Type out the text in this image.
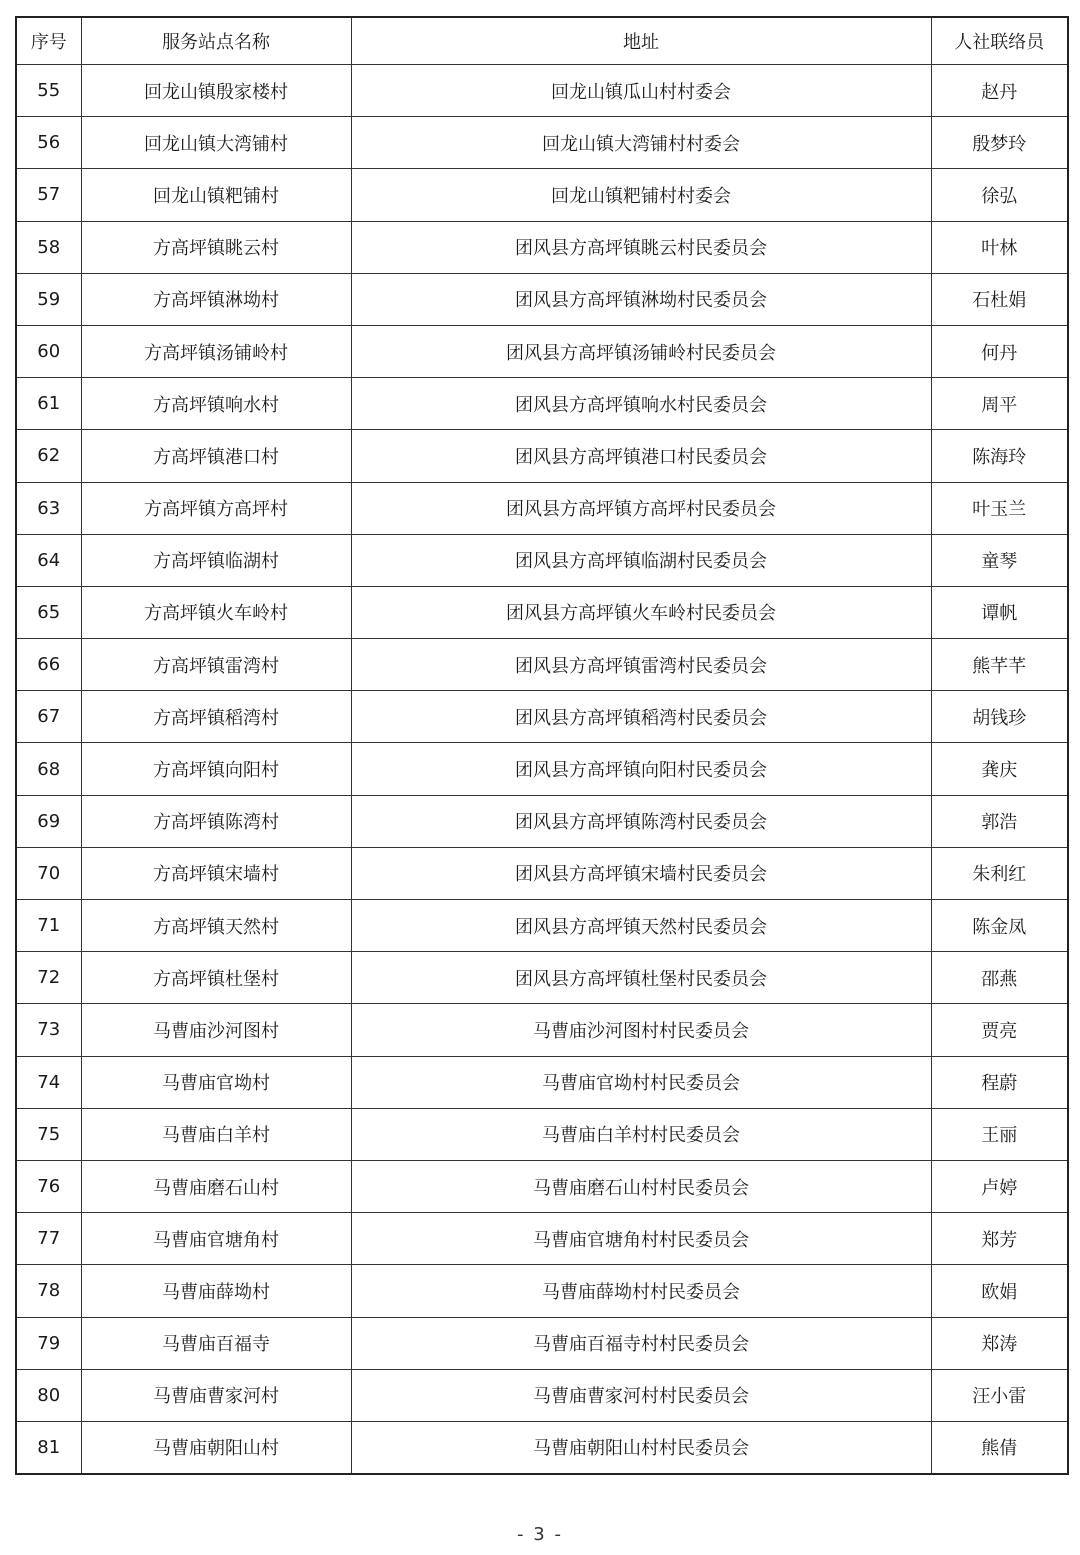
序号	服务站点名称	地址	人社联络员
55	回龙山镇殷家楼村	回龙山镇瓜山村村委会	赵丹
56	回龙山镇大湾铺村	回龙山镇大湾铺村村委会	殷梦玲
57	回龙山镇粑铺村	回龙山镇粑铺村村委会	徐弘
58	方高坪镇眺云村	团风县方高坪镇眺云村民委员会	叶林
59	方高坪镇淋坳村	团风县方高坪镇淋坳村民委员会	石杜娟
60	方高坪镇汤铺岭村	团风县方高坪镇汤铺岭村民委员会	何丹
61	方高坪镇响水村	团风县方高坪镇响水村民委员会	周平
62	方高坪镇港口村	团风县方高坪镇港口村民委员会	陈海玲
63	方高坪镇方高坪村	团风县方高坪镇方高坪村民委员会	叶玉兰
64	方高坪镇临湖村	团风县方高坪镇临湖村民委员会	童琴
65	方高坪镇火车岭村	团风县方高坪镇火车岭村民委员会	谭帆
66	方高坪镇雷湾村	团风县方高坪镇雷湾村民委员会	熊芊芊
67	方高坪镇稻湾村	团风县方高坪镇稻湾村民委员会	胡钱珍
68	方高坪镇向阳村	团风县方高坪镇向阳村民委员会	龚庆
69	方高坪镇陈湾村	团风县方高坪镇陈湾村民委员会	郭浩
70	方高坪镇宋墙村	团风县方高坪镇宋墙村民委员会	朱利红
71	方高坪镇天然村	团风县方高坪镇天然村民委员会	陈金凤
72	方高坪镇杜堡村	团风县方高坪镇杜堡村民委员会	邵燕
73	马曹庙沙河图村	马曹庙沙河图村村民委员会	贾亮
74	马曹庙官坳村	马曹庙官坳村村民委员会	程蔚
75	马曹庙白羊村	马曹庙白羊村村民委员会	王丽
76	马曹庙磨石山村	马曹庙磨石山村村民委员会	卢婷
77	马曹庙官塘角村	马曹庙官塘角村村民委员会	郑芳
78	马曹庙薛坳村	马曹庙薛坳村村民委员会	欧娟
79	马曹庙百福寺	马曹庙百福寺村村民委员会	郑涛
80	马曹庙曹家河村	马曹庙曹家河村村民委员会	汪小雷
81	马曹庙朝阳山村	马曹庙朝阳山村村民委员会	熊倩
- 3 -
